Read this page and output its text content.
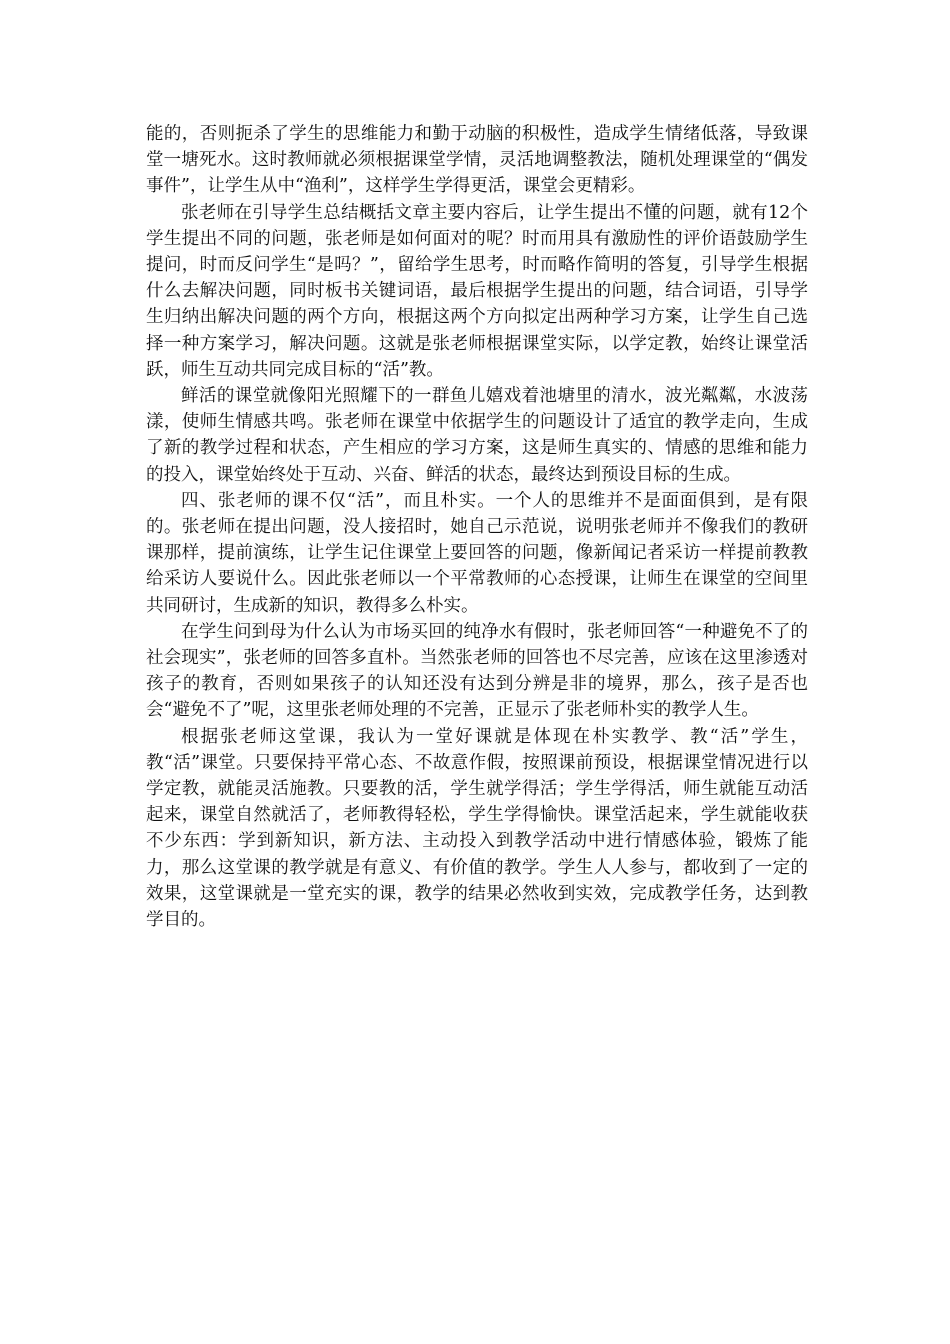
能的，否则扼杀了学生的思维能力和勤于动脑的积极性，造成学生情绪低落，导致课堂一塘死水。这时教师就必须根据课堂学情，灵活地调整教法，随机处理课堂的“偶发事件”，让学生从中“渔利”，这样学生学得更活，课堂会更精彩。

张老师在引导学生总结概括文章主要内容后，让学生提出不懂的问题，就有12个学生提出不同的问题，张老师是如何面对的呢？时而用具有激励性的评价语鼓励学生提问，时而反问学生“是吗？”，留给学生思考，时而略作简明的答复，引导学生根据什么去解决问题，同时板书关键词语，最后根据学生提出的问题，结合词语，引导学生归纳出解决问题的两个方向，根据这两个方向拟定出两种学习方案，让学生自己选择一种方案学习，解决问题。这就是张老师根据课堂实际，以学定教，始终让课堂活跃，师生互动共同完成目标的“活”教。

鲜活的课堂就像阳光照耀下的一群鱼儿嬉戏着池塘里的清水，波光粼粼，水波荡漾，使师生情感共鸣。张老师在课堂中依据学生的问题设计了适宜的教学走向，生成了新的教学过程和状态，产生相应的学习方案，这是师生真实的、情感的思维和能力的投入，课堂始终处于互动、兴奋、鲜活的状态，最终达到预设目标的生成。

四、张老师的课不仅“活”，而且朴实。一个人的思维并不是面面俱到，是有限的。张老师在提出问题，没人接招时，她自己示范说，说明张老师并不像我们的教研课那样，提前演练，让学生记住课堂上要回答的问题，像新闻记者采访一样提前教教给采访人要说什么。因此张老师以一个平常教师的心态授课，让师生在课堂的空间里共同研讨，生成新的知识，教得多么朴实。

在学生问到母为什么认为市场买回的纯净水有假时，张老师回答“一种避免不了的社会现实”，张老师的回答多直朴。当然张老师的回答也不尽完善，应该在这里渗透对孩子的教育，否则如果孩子的认知还没有达到分辨是非的境界，那么，孩子是否也会“避免不了”呢，这里张老师处理的不完善，正显示了张老师朴实的教学人生。

根据张老师这堂课，我认为一堂好课就是体现在朴实教学、教“活”学生，教“活”课堂。只要保持平常心态、不故意作假，按照课前预设，根据课堂情况进行以学定教，就能灵活施教。只要教的活，学生就学得活；学生学得活，师生就能互动活起来，课堂自然就活了，老师教得轻松，学生学得愉快。课堂活起来，学生就能收获不少东西：学到新知识，新方法、主动投入到教学活动中进行情感体验，锻炼了能力，那么这堂课的教学就是有意义、有价值的教学。学生人人参与，都收到了一定的效果，这堂课就是一堂充实的课，教学的结果必然收到实效，完成教学任务，达到教学目的。
